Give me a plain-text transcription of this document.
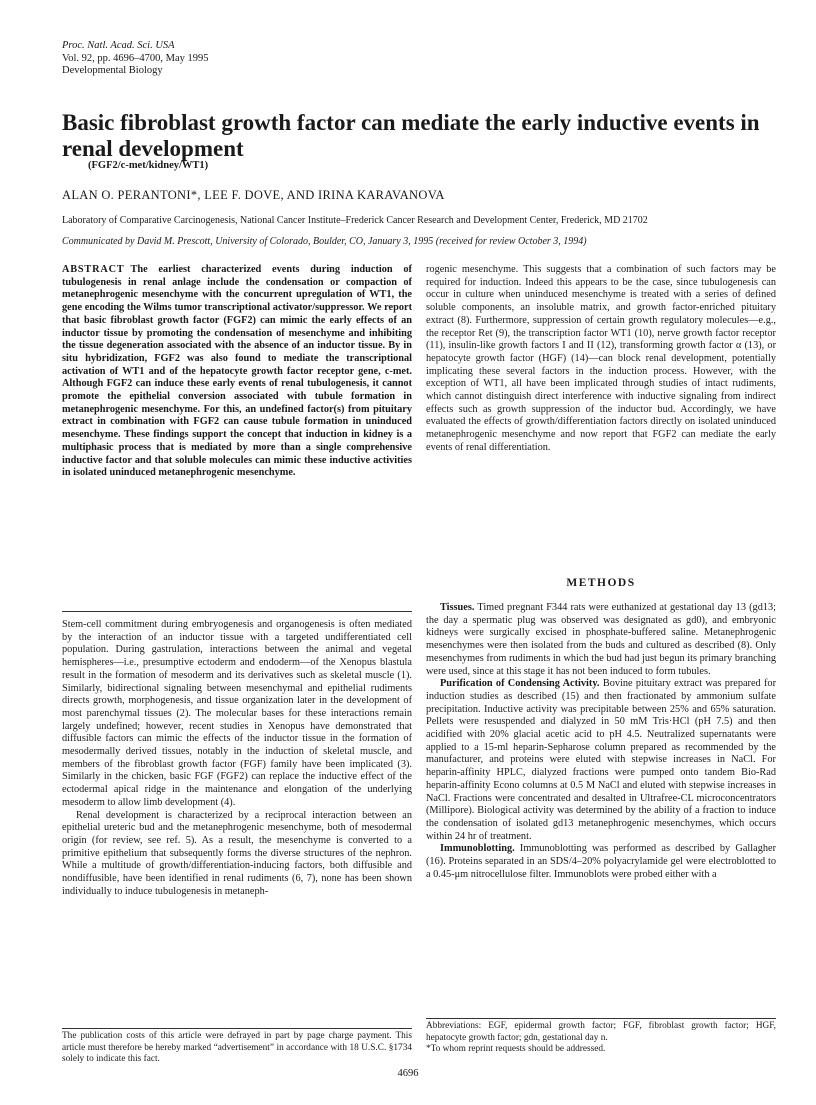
Proc. Natl. Acad. Sci. USA
Vol. 92, pp. 4696–4700, May 1995
Developmental Biology
Basic fibroblast growth factor can mediate the early inductive events in renal development
(FGF2/c-met/kidney/WT1)
ALAN O. PERANTONI*, LEE F. DOVE, AND IRINA KARAVANOVA
Laboratory of Comparative Carcinogenesis, National Cancer Institute–Frederick Cancer Research and Development Center, Frederick, MD 21702
Communicated by David M. Prescott, University of Colorado, Boulder, CO, January 3, 1995 (received for review October 3, 1994)

ABSTRACT The earliest characterized events during induction of tubulogenesis in renal anlage include the condensation or compaction of metanephrogenic mesenchyme with the concurrent upregulation of WT1, the gene encoding the Wilms tumor transcriptional activator/suppressor. We report that basic fibroblast growth factor (FGF2) can mimic the early effects of an inductor tissue by promoting the condensation of mesenchyme and inhibiting the tissue degeneration associated with the absence of an inductor tissue. By in situ hybridization, FGF2 was also found to mediate the transcriptional activation of WT1 and of the hepatocyte growth factor receptor gene, c-met. Although FGF2 can induce these early events of renal tubulogenesis, it cannot promote the epithelial conversion associated with tubule formation in metanephrogenic mesenchyme. For this, an undefined factor(s) from pituitary extract in combination with FGF2 can cause tubule formation in uninduced mesenchyme. These findings support the concept that induction in kidney is a multiphasic process that is mediated by more than a single comprehensive inductive factor and that soluble molecules can mimic these inductive activities in isolated uninduced metanephrogenic mesenchyme.

Stem-cell commitment during embryogenesis and organogenesis is often mediated by the interaction of an inductor tissue with a targeted undifferentiated cell population. During gastrulation, interactions between the animal and vegetal hemispheres—i.e., presumptive ectoderm and endoderm—of the Xenopus blastula result in the formation of mesoderm and its derivatives such as skeletal muscle (1). Similarly, bidirectional signaling between mesenchymal and epithelial rudiments directs growth, morphogenesis, and tissue organization later in the development of most parenchymal tissues (2). The molecular bases for these interactions remain largely undefined; however, recent studies in Xenopus have demonstrated that diffusible factors can mimic the effects of the inductor tissue in the formation of mesodermally derived tissues, notably in the induction of skeletal muscle, and members of the fibroblast growth factor (FGF) family have been implicated (3). Similarly in the chicken, basic FGF (FGF2) can replace the inductive effect of the ectodermal apical ridge in the maintenance and elongation of the underlying mesoderm to allow limb development (4).

Renal development is characterized by a reciprocal interaction between an epithelial ureteric bud and the metanephrogenic mesenchyme, both of mesodermal origin (for review, see ref. 5). As a result, the mesenchyme is converted to a primitive epithelium that subsequently forms the diverse structures of the nephron. While a multitude of growth/differentiation-inducing factors, both diffusible and nondiffusible, have been identified in renal rudiments (6, 7), none has been shown individually to induce tubulogenesis in metaneph-

rogenic mesenchyme. This suggests that a combination of such factors may be required for induction. Indeed this appears to be the case, since tubulogenesis can occur in culture when uninduced mesenchyme is treated with a series of defined soluble components, an insoluble matrix, and growth factor-enriched pituitary extract (8). Furthermore, suppression of certain growth regulatory molecules—e.g., the receptor Ret (9), the transcription factor WT1 (10), nerve growth factor receptor (11), insulin-like growth factors I and II (12), transforming growth factor α (13), or hepatocyte growth factor (HGF) (14)—can block renal development, potentially implicating these several factors in the induction process. However, with the exception of WT1, all have been implicated through studies of intact rudiments, which cannot distinguish direct interference with inductive signaling from indirect effects such as growth suppression of the inductor bud. Accordingly, we have evaluated the effects of growth/differentiation factors directly on isolated uninduced metanephrogenic mesenchyme and now report that FGF2 can mediate the early events of renal differentiation.

METHODS

Tissues. Timed pregnant F344 rats were euthanized at gestational day 13 (gd13; the day a spermatic plug was observed was designated as gd0), and embryonic kidneys were surgically excised in phosphate-buffered saline. Metanephrogenic mesenchymes were then isolated from the buds and cultured as described (8). Only mesenchymes from rudiments in which the bud had just begun its primary branching were used, since at this stage it has not been induced to form tubules.

Purification of Condensing Activity. Bovine pituitary extract was prepared for induction studies as described (15) and then fractionated by ammonium sulfate precipitation. Inductive activity was precipitable between 25% and 65% saturation. Pellets were resuspended and dialyzed in 50 mM Tris·HCl (pH 7.5) and then acidified with 20% glacial acetic acid to pH 4.5. Neutralized supernatants were applied to a 15-ml heparin-Sepharose column prepared as recommended by the manufacturer, and proteins were eluted with stepwise increases in NaCl. For heparin-affinity HPLC, dialyzed fractions were pumped onto tandem Bio-Rad heparin-affinity Econo columns at 0.5 M NaCl and eluted with stepwise increases in NaCl. Fractions were concentrated and desalted in Ultrafree-CL microconcentrators (Millipore). Biological activity was determined by the ability of a fraction to induce the condensation of isolated gd13 metanephrogenic mesenchymes, which occurs within 24 hr of treatment.

Immunoblotting. Immunoblotting was performed as described by Gallagher (16). Proteins separated in an SDS/4–20% polyacrylamide gel were electroblotted to a 0.45-μm nitrocellulose filter. Immunoblots were probed either with a

The publication costs of this article were defrayed in part by page charge payment. This article must therefore be hereby marked “advertisement” in accordance with 18 U.S.C. §1734 solely to indicate this fact.

Abbreviations: EGF, epidermal growth factor; FGF, fibroblast growth factor; HGF, hepatocyte growth factor; gdn, gestational day n.

*To whom reprint requests should be addressed.

4696
